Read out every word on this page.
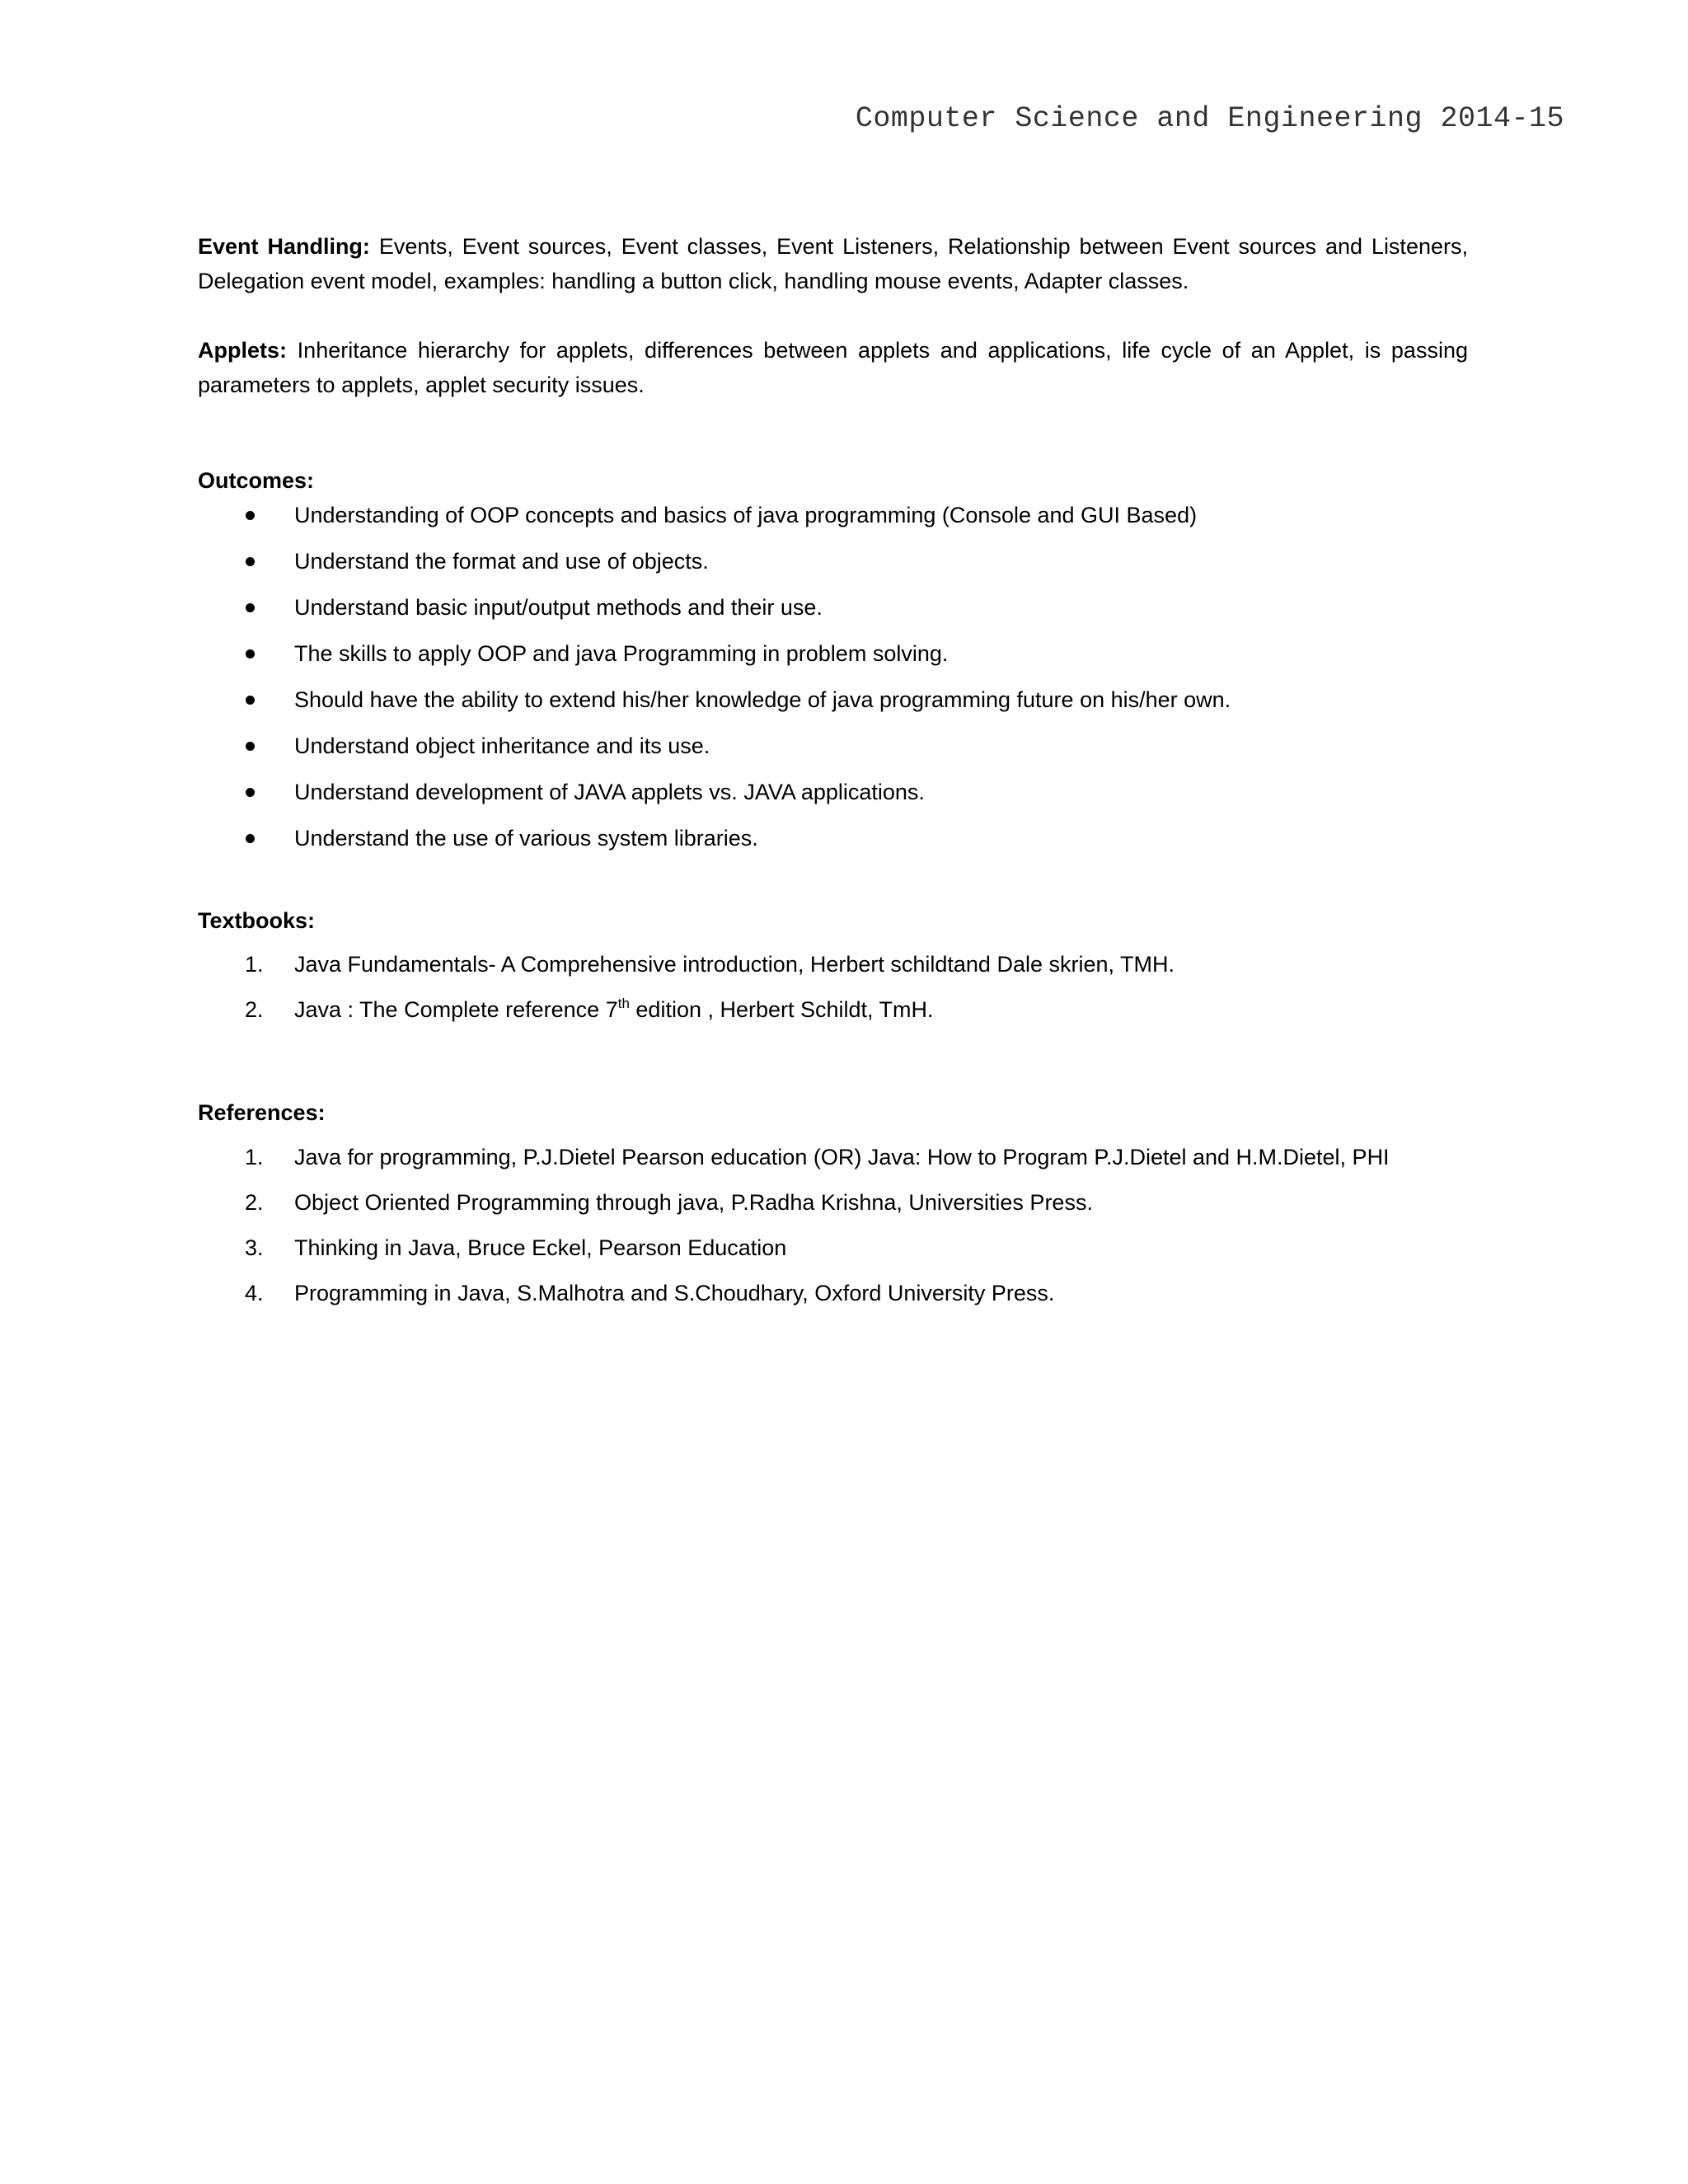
Computer Science and Engineering 2014-15

Event Handling: Events, Event sources, Event classes, Event Listeners, Relationship between Event sources and Listeners, Delegation event model, examples: handling a button click, handling mouse events, Adapter classes.

Applets: Inheritance hierarchy for applets, differences between applets and applications, life cycle of an Applet, is passing parameters to applets, applet security issues.

Outcomes:

Understanding of OOP concepts and basics of java programming (Console and GUI Based)
Understand the format and use of objects.
Understand basic input/output methods and their use.
The skills to apply OOP and java Programming in problem solving.
Should have the ability to extend his/her knowledge of java programming future on his/her own.
Understand object inheritance and its use.
Understand development of JAVA applets vs. JAVA applications.
Understand the use of various system libraries.

Textbooks:

1. Java Fundamentals- A Comprehensive introduction, Herbert schildtand Dale skrien, TMH.
2. Java : The Complete reference 7th edition , Herbert Schildt, TmH.

References:

1. Java for programming, P.J.Dietel Pearson education (OR) Java: How to Program P.J.Dietel and H.M.Dietel, PHI
2. Object Oriented Programming through java, P.Radha Krishna, Universities Press.
3. Thinking in Java, Bruce Eckel, Pearson Education
4. Programming in Java, S.Malhotra and S.Choudhary, Oxford University Press.
